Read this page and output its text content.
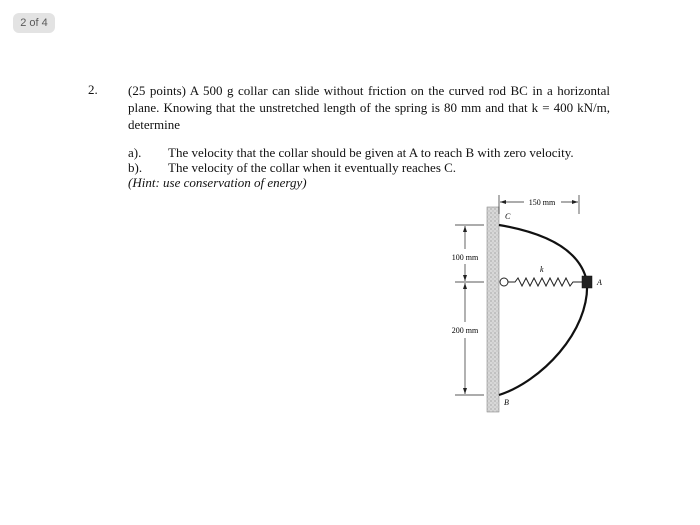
2 of 4
2. (25 points) A 500 g collar can slide without friction on the curved rod BC in a horizontal plane. Knowing that the unstretched length of the spring is 80 mm and that k = 400 kN/m, determine
a).	The velocity that the collar should be given at A to reach B with zero velocity.
b).	The velocity of the collar when it eventually reaches C.
(Hint: use conservation of energy)
150 mm
100 mm
200 mm
C
k
A
B
